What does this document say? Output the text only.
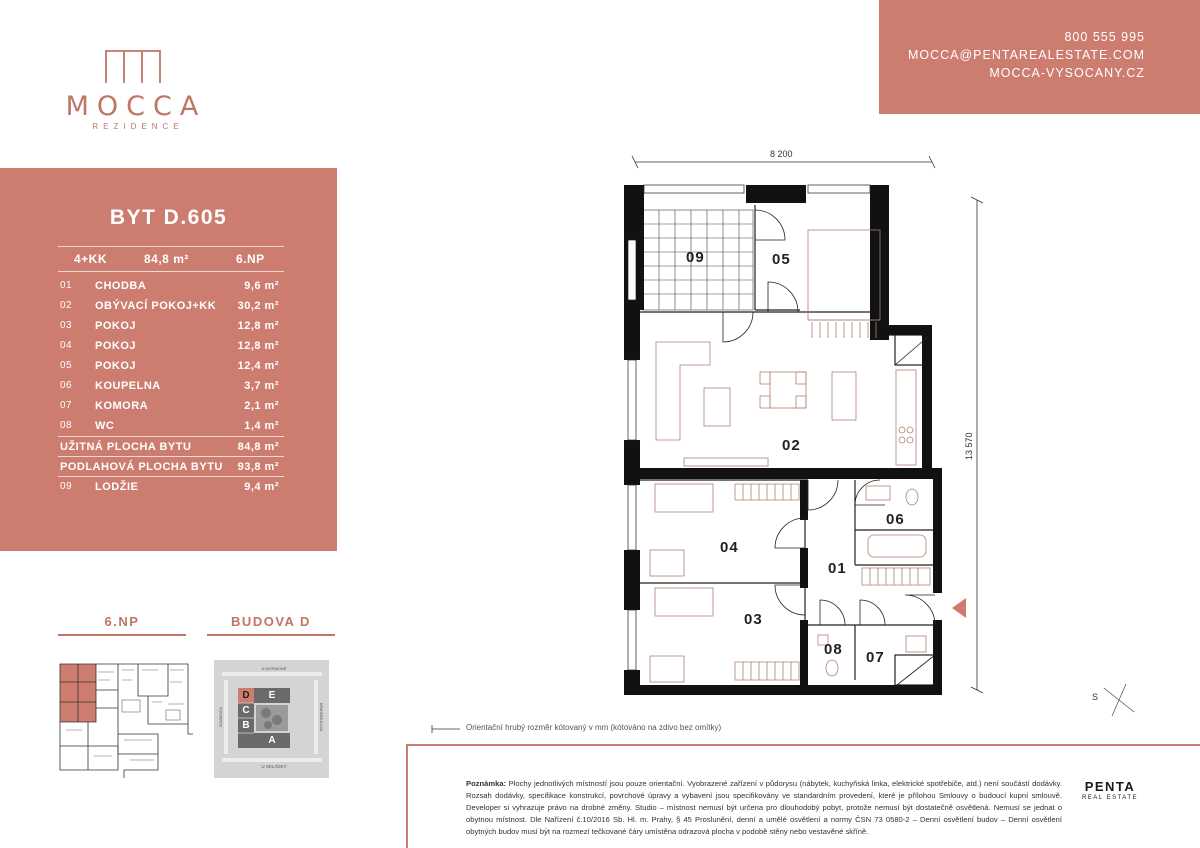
MOCCA
REZIDENCE
800 555 995
MOCCA@PENTAREALESTATE.COM
MOCCA-VYSOCANY.CZ
BYT D.605
4+KK	84,8 m²	6.NP
01 CHODBA	9,6 m²
02 OBÝVACÍ POKOJ+KK 30,2 m²
03 POKOJ	12,8 m²
04 POKOJ	12,8 m²
05 POKOJ	12,4 m²
06 KOUPELNA	3,7 m²
07 KOMORA	2,1 m²
08 WC	1,4 m²
UŽITNÁ PLOCHA BYTU	84,8 m²
PODLAHOVÁ PLOCHA BYTU 93,8 m²
09 LODŽIE	9,4 m²
6.NP	BUDOVA D
D	E
C
B
A
K MORAVINĚ
U SKLÁDKY
SOUDOVCA	DRAHOBEJLOVA
8 200
13 570
09	05
02
04
06
01
03
08 07
S
Orientační hrubý rozměr kótovaný v mm (kótováno na zdivo bez omítky)
Poznámka: Plochy jednotlivých místností jsou pouze orientační. Vyobrazené zařízení v půdorysu (nábytek, kuchyňská linka, elektrické spotřebiče, atd.) není součástí dodávky. Rozsah dodávky, specifikace konstrukcí, povrchové úpravy a vybavení jsou specifikovány ve standardním provedení, které je přílohou Smlouvy o budoucí kupní smlouvě. Developer si vyhrazuje právo na drobné změny. Studio – místnost nemusí být určena pro dlouhodobý pobyt, protože nemusí být dostatečně osvětlená. Nemusí se jednat o obytnou místnost. Dle Nařízení č.10/2016 Sb. Hl. m. Prahy, § 45 Proslunění, denní a umělé osvětlení a normy ČSN 73 0580-2 – Denní osvětlení budov – Denní osvětlení obytných budov musí být na rozmezí tečkované čáry umístěna odrazová plocha v podobě stěny nebo vestavěné skříně.
PENTA
REAL ESTATE
